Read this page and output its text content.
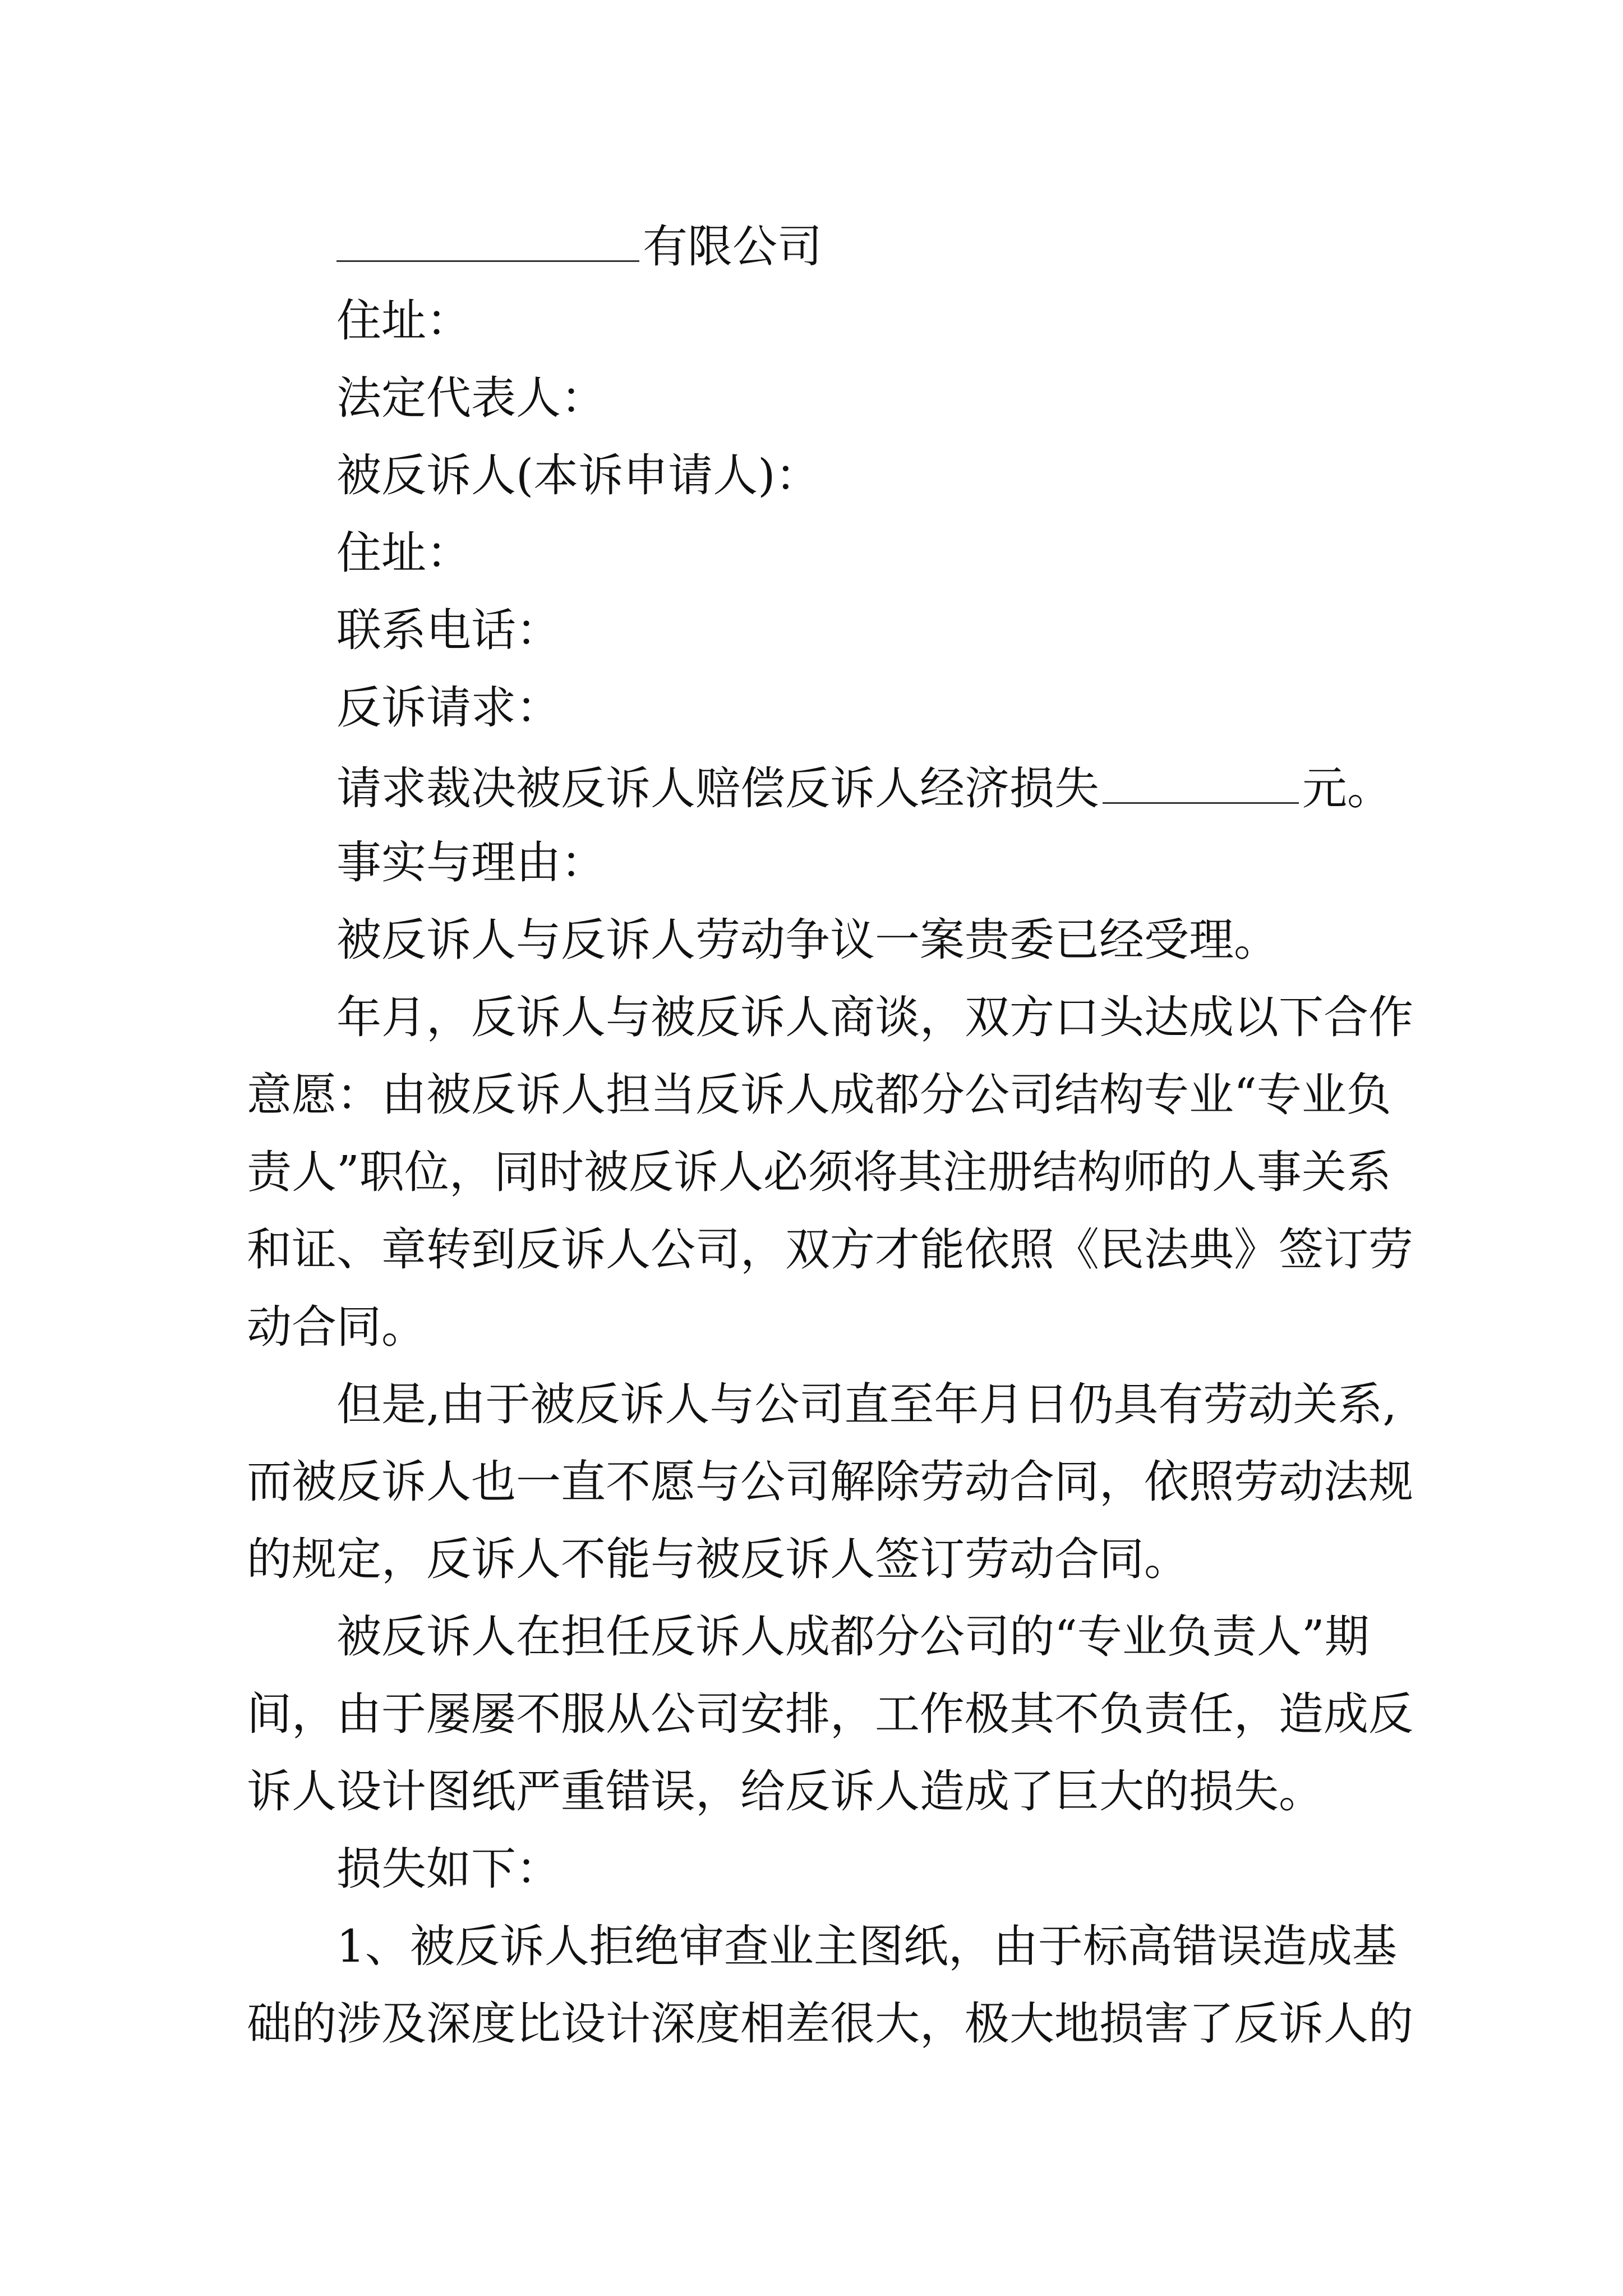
有限公司
住址：
法定代表人：
被反诉人(本诉申请人)：
住址：
联系电话：
反诉请求：
请求裁决被反诉人赔偿反诉人经济损失	元。
事实与理由：
被反诉人与反诉人劳动争议一案贵委已经受理。
年月，反诉人与被反诉人商谈，双方口头达成以下合作
意愿：由被反诉人担当反诉人成都分公司结构专业“专业负
责人”职位，同时被反诉人必须将其注册结构师的人事关系
和证、章转到反诉人公司，双方才能依照《民法典》签订劳
动合同。
但是,由于被反诉人与公司直至年月日仍具有劳动关系,
而被反诉人也一直不愿与公司解除劳动合同，依照劳动法规
的规定，反诉人不能与被反诉人签订劳动合同。
被反诉人在担任反诉人成都分公司的“专业负责人”期
间，由于屡屡不服从公司安排，工作极其不负责任，造成反
诉人设计图纸严重错误，给反诉人造成了巨大的损失。
损失如下：
1、被反诉人拒绝审查业主图纸，由于标高错误造成基
础的涉及深度比设计深度相差很大，极大地损害了反诉人的
